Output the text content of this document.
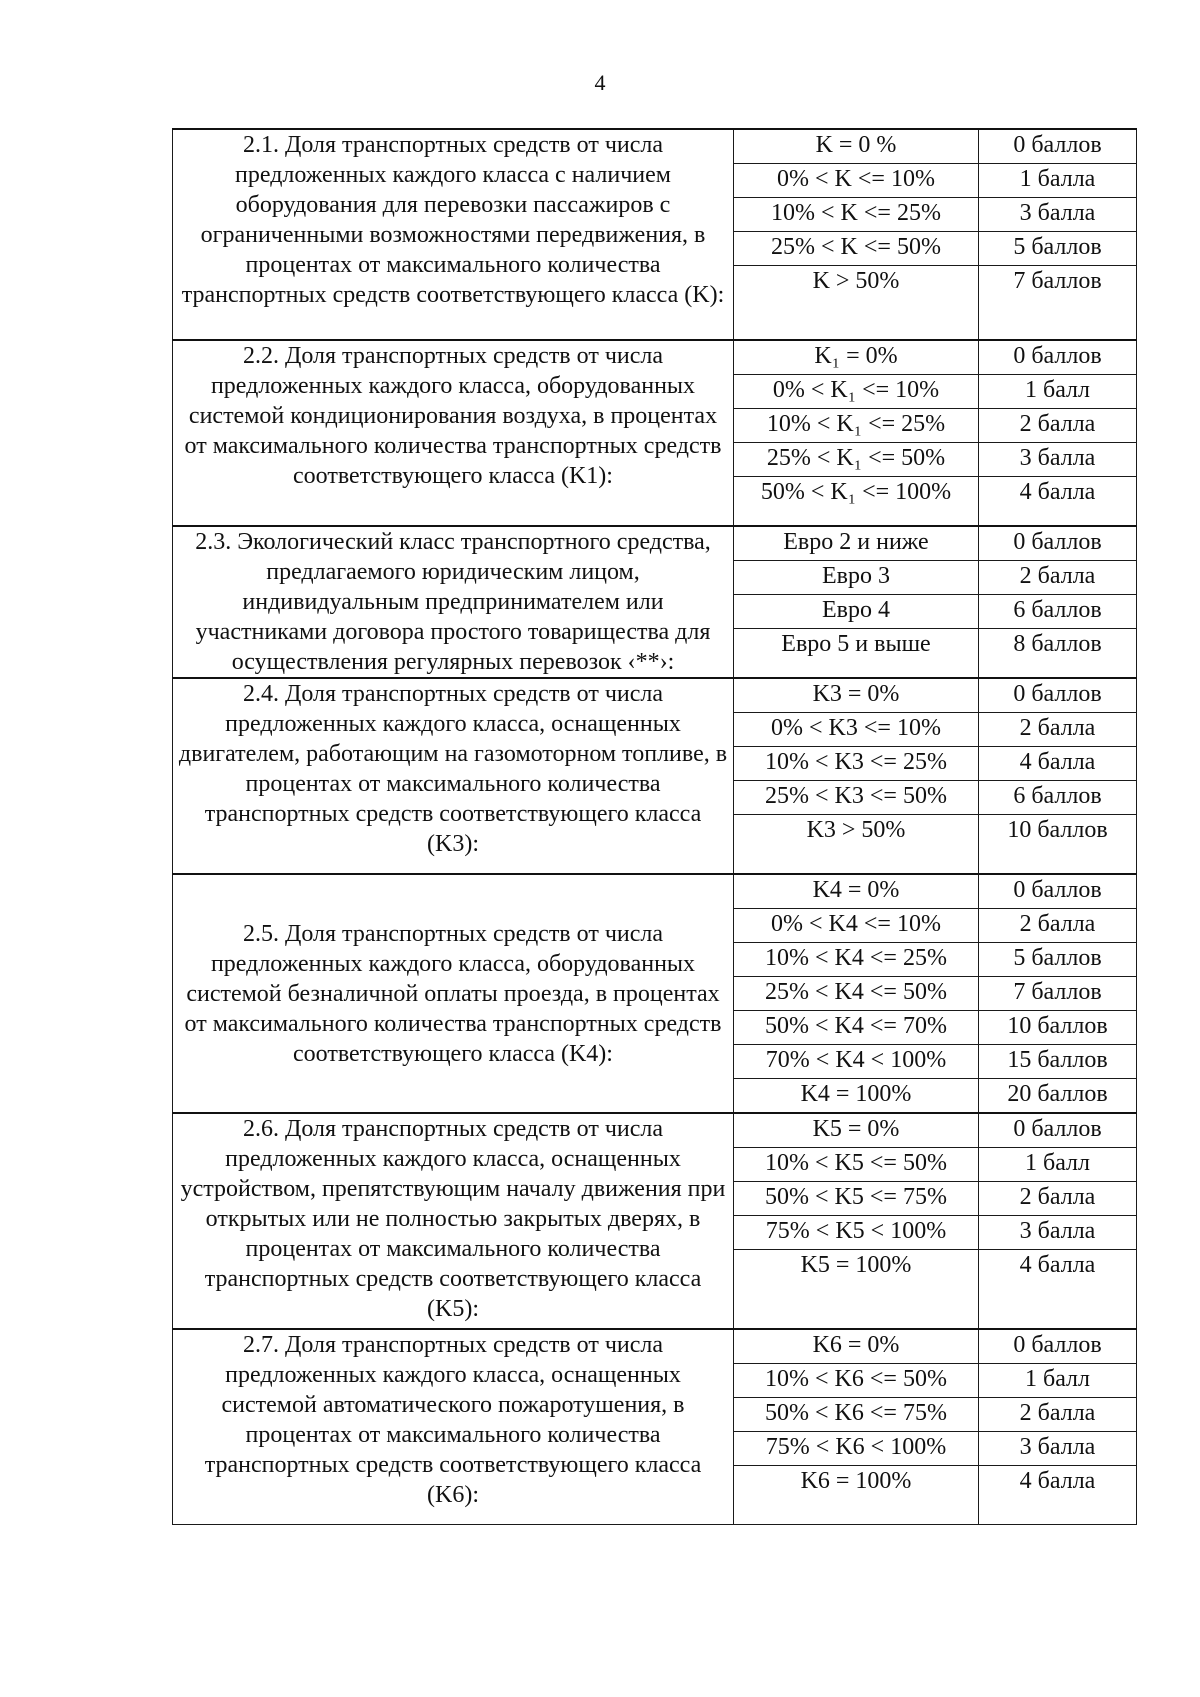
4
2.1. Доля транспортных средств от числа предложенных каждого класса с наличием оборудования для перевозки пассажиров с ограниченными возможностями передвижения, в процентах от максимального количества транспортных средств соответствующего класса (K):	K = 0 %	0 баллов
	0% < K <= 10%	1 балла
	10% < K <= 25%	3 балла
	25% < K <= 50%	5 баллов
	K > 50%	7 баллов
2.2. Доля транспортных средств от числа предложенных каждого класса, оборудованных системой кондиционирования воздуха, в процентах от максимального количества транспортных средств соответствующего класса (K1):	K₁ = 0%	0 баллов
	0% < K₁ <= 10%	1 балл
	10% < K₁ <= 25%	2 балла
	25% < K₁ <= 50%	3 балла
	50% < K₁ <= 100%	4 балла
2.3. Экологический класс транспортного средства, предлагаемого юридическим лицом, индивидуальным предпринимателем или участниками договора простого товарищества для осуществления регулярных перевозок ‹**›:	Евро 2 и ниже	0 баллов
	Евро 3	2 балла
	Евро 4	6 баллов
	Евро 5 и выше	8 баллов
2.4. Доля транспортных средств от числа предложенных каждого класса, оснащенных двигателем, работающим на газомоторном топливе, в процентах от максимального количества транспортных средств соответствующего класса (K3):	K3 = 0%	0 баллов
	0% < K3 <= 10%	2 балла
	10% < K3 <= 25%	4 балла
	25% < K3 <= 50%	6 баллов
	K3 > 50%	10 баллов
2.5. Доля транспортных средств от числа предложенных каждого класса, оборудованных системой безналичной оплаты проезда, в процентах от максимального количества транспортных средств соответствующего класса (K4):	K4 = 0%	0 баллов
	0% < K4 <= 10%	2 балла
	10% < K4 <= 25%	5 баллов
	25% < K4 <= 50%	7 баллов
	50% < K4 <= 70%	10 баллов
	70% < K4 < 100%	15 баллов
	K4 = 100%	20 баллов
2.6. Доля транспортных средств от числа предложенных каждого класса, оснащенных устройством, препятствующим началу движения при открытых или не полностью закрытых дверях, в процентах от максимального количества транспортных средств соответствующего класса (K5):	K5 = 0%	0 баллов
	10% < K5 <= 50%	1 балл
	50% < K5 <= 75%	2 балла
	75% < K5 < 100%	3 балла
	K5 = 100%	4 балла
2.7. Доля транспортных средств от числа предложенных каждого класса, оснащенных системой автоматического пожаротушения, в процентах от максимального количества транспортных средств соответствующего класса (K6):	K6 = 0%	0 баллов
	10% < K6 <= 50%	1 балл
	50% < K6 <= 75%	2 балла
	75% < K6 < 100%	3 балла
	K6 = 100%	4 балла
